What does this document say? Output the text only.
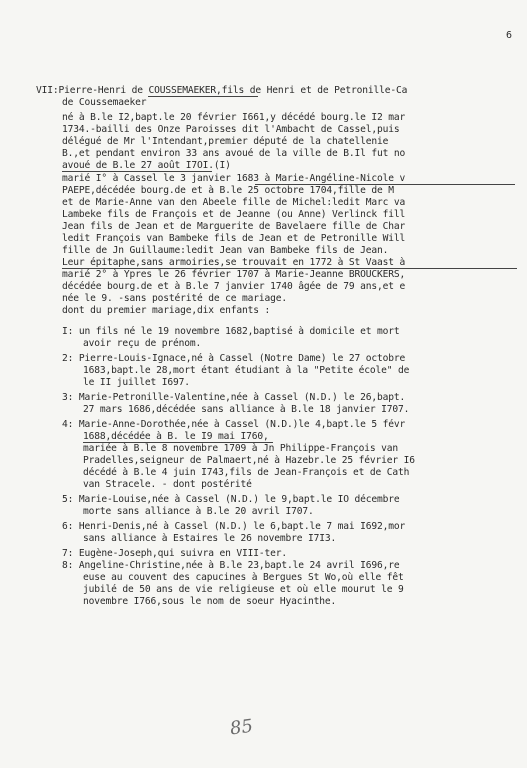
6
VII:Pierre-Henri de COUSSEMAEKER,fils de Henri et de Petronille-Ca
de Coussemaeker
né à B.le I2,bapt.le 20 février I661,y décédé bourg.le I2 mar
1734.-bailli des Onze Paroisses dit l'Ambacht de Cassel,puis
délégué de Mr l'Intendant,premier député de la chatellenie
B.,et pendant environ 33 ans avoué de la ville de B.Il fut no
avoué de B.le 27 août I7OI.(I)
marié I° à Cassel le 3 janvier 1683 à Marie-Angéline-Nicole v
PAEPE,décédée bourg.de et à B.le 25 octobre 1704,fille de M
et de Marie-Anne van den Abeele fille de Michel:ledit Marc va
Lambeke fils de François et de Jeanne (ou Anne) Verlinck fill
Jean fils de Jean et de Marguerite de Bavelaere fille de Char
ledit François van Bambeke fils de Jean et de Petronille Will
fille de Jn Guillaume:ledit Jean van Bambeke fils de Jean.
Leur épitaphe,sans armoiries,se trouvait en 1772 à St Vaast à
marié 2° à Ypres le 26 février 1707 à Marie-Jeanne BROUCKERS,
décédée bourg.de et à B.le 7 janvier 1740 âgée de 79 ans,et e
née le 9. -sans postérité de ce mariage.
dont du premier mariage,dix enfants :
I: un fils né le 19 novembre 1682,baptisé à domicile et mort
avoir reçu de prénom.
2: Pierre-Louis-Ignace,né à Cassel (Notre Dame) le 27 octobre
1683,bapt.le 28,mort étant étudiant à la "Petite école" de
le II juillet I697.
3: Marie-Petronille-Valentine,née à Cassel (N.D.) le 26,bapt.
27 mars 1686,décédée sans alliance à B.le 18 janvier I707.
4: Marie-Anne-Dorothée,née à Cassel (N.D.)le 4,bapt.le 5 févr
1688,décédée à B. le I9 mai I760,
mariée à B.le 8 novembre 1709 à Jn Philippe-François van
Pradelles,seigneur de Palmaert,né à Hazebr.le 25 février I6
décédé à B.le 4 juin I743,fils de Jean-François et de Cath
van Stracele. - dont postérité
5: Marie-Louise,née à Cassel (N.D.) le 9,bapt.le IO décembre
morte sans alliance à B.le 20 avril I707.
6: Henri-Denis,né à Cassel (N.D.) le 6,bapt.le 7 mai I692,mor
sans alliance à Estaires le 26 novembre I7I3.
7: Eugène-Joseph,qui suivra en VIII-ter.
8: Angeline-Christine,née à B.le 23,bapt.le 24 avril I696,re
euse au couvent des capucines à Bergues St Wo,où elle fêt
jubilé de 50 ans de vie religieuse et où elle mourut le 9
novembre I766,sous le nom de soeur Hyacinthe.
85
